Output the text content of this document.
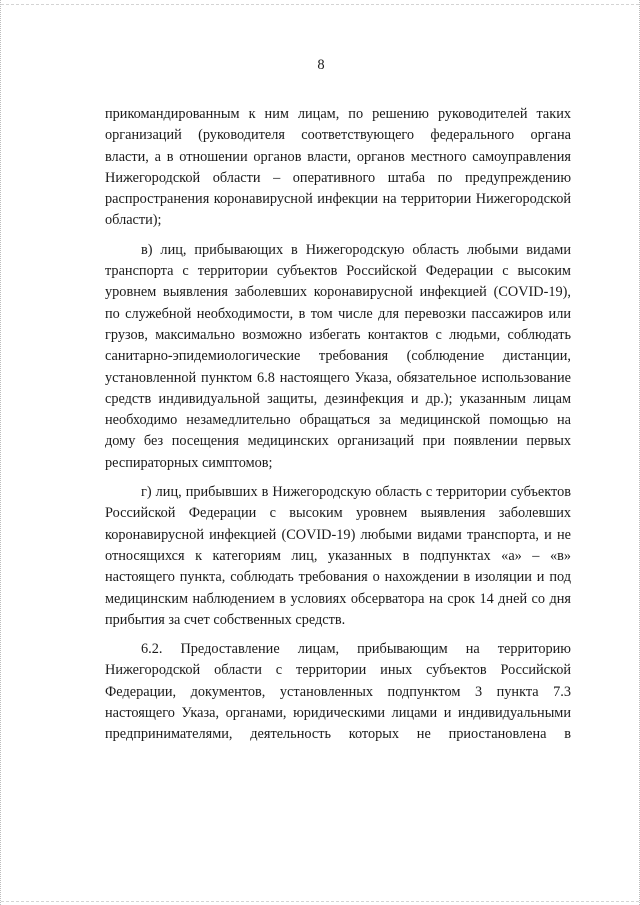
8
прикомандированным к ним лицам, по решению руководителей таких
организаций (руководителя соответствующего федерального органа
власти, а в отношении органов власти, органов местного самоуправления
Нижегородской области – оперативного штаба по предупреждению
распространения коронавирусной инфекции на территории Нижегородской
области);
в) лиц, прибывающих в Нижегородскую область любыми видами
транспорта с территории субъектов Российской Федерации с высоким
уровнем выявления заболевших коронавирусной инфекцией (COVID-19),
по служебной необходимости, в том числе для перевозки пассажиров или
грузов, максимально возможно избегать контактов с людьми, соблюдать
санитарно-эпидемиологические требования (соблюдение дистанции,
установленной пунктом 6.8 настоящего Указа, обязательное использование
средств индивидуальной защиты, дезинфекция и др.); указанным лицам
необходимо незамедлительно обращаться за медицинской помощью на
дому без посещения медицинских организаций при появлении первых
респираторных симптомов;
г) лиц, прибывших в Нижегородскую область с территории субъектов
Российской Федерации с высоким уровнем выявления заболевших
коронавирусной инфекцией (COVID-19) любыми видами транспорта, и не
относящихся к категориям лиц, указанных в подпунктах «а» – «в»
настоящего пункта, соблюдать требования о нахождении в изоляции и под
медицинским наблюдением в условиях обсерватора на срок 14 дней со дня
прибытия за счет собственных средств.
6.2. Предоставление лицам, прибывающим на территорию
Нижегородской области с территории иных субъектов Российской
Федерации, документов, установленных подпунктом 3 пункта 7.3
настоящего Указа, органами, юридическими лицами и индивидуальными
предпринимателями, деятельность которых не приостановлена в
